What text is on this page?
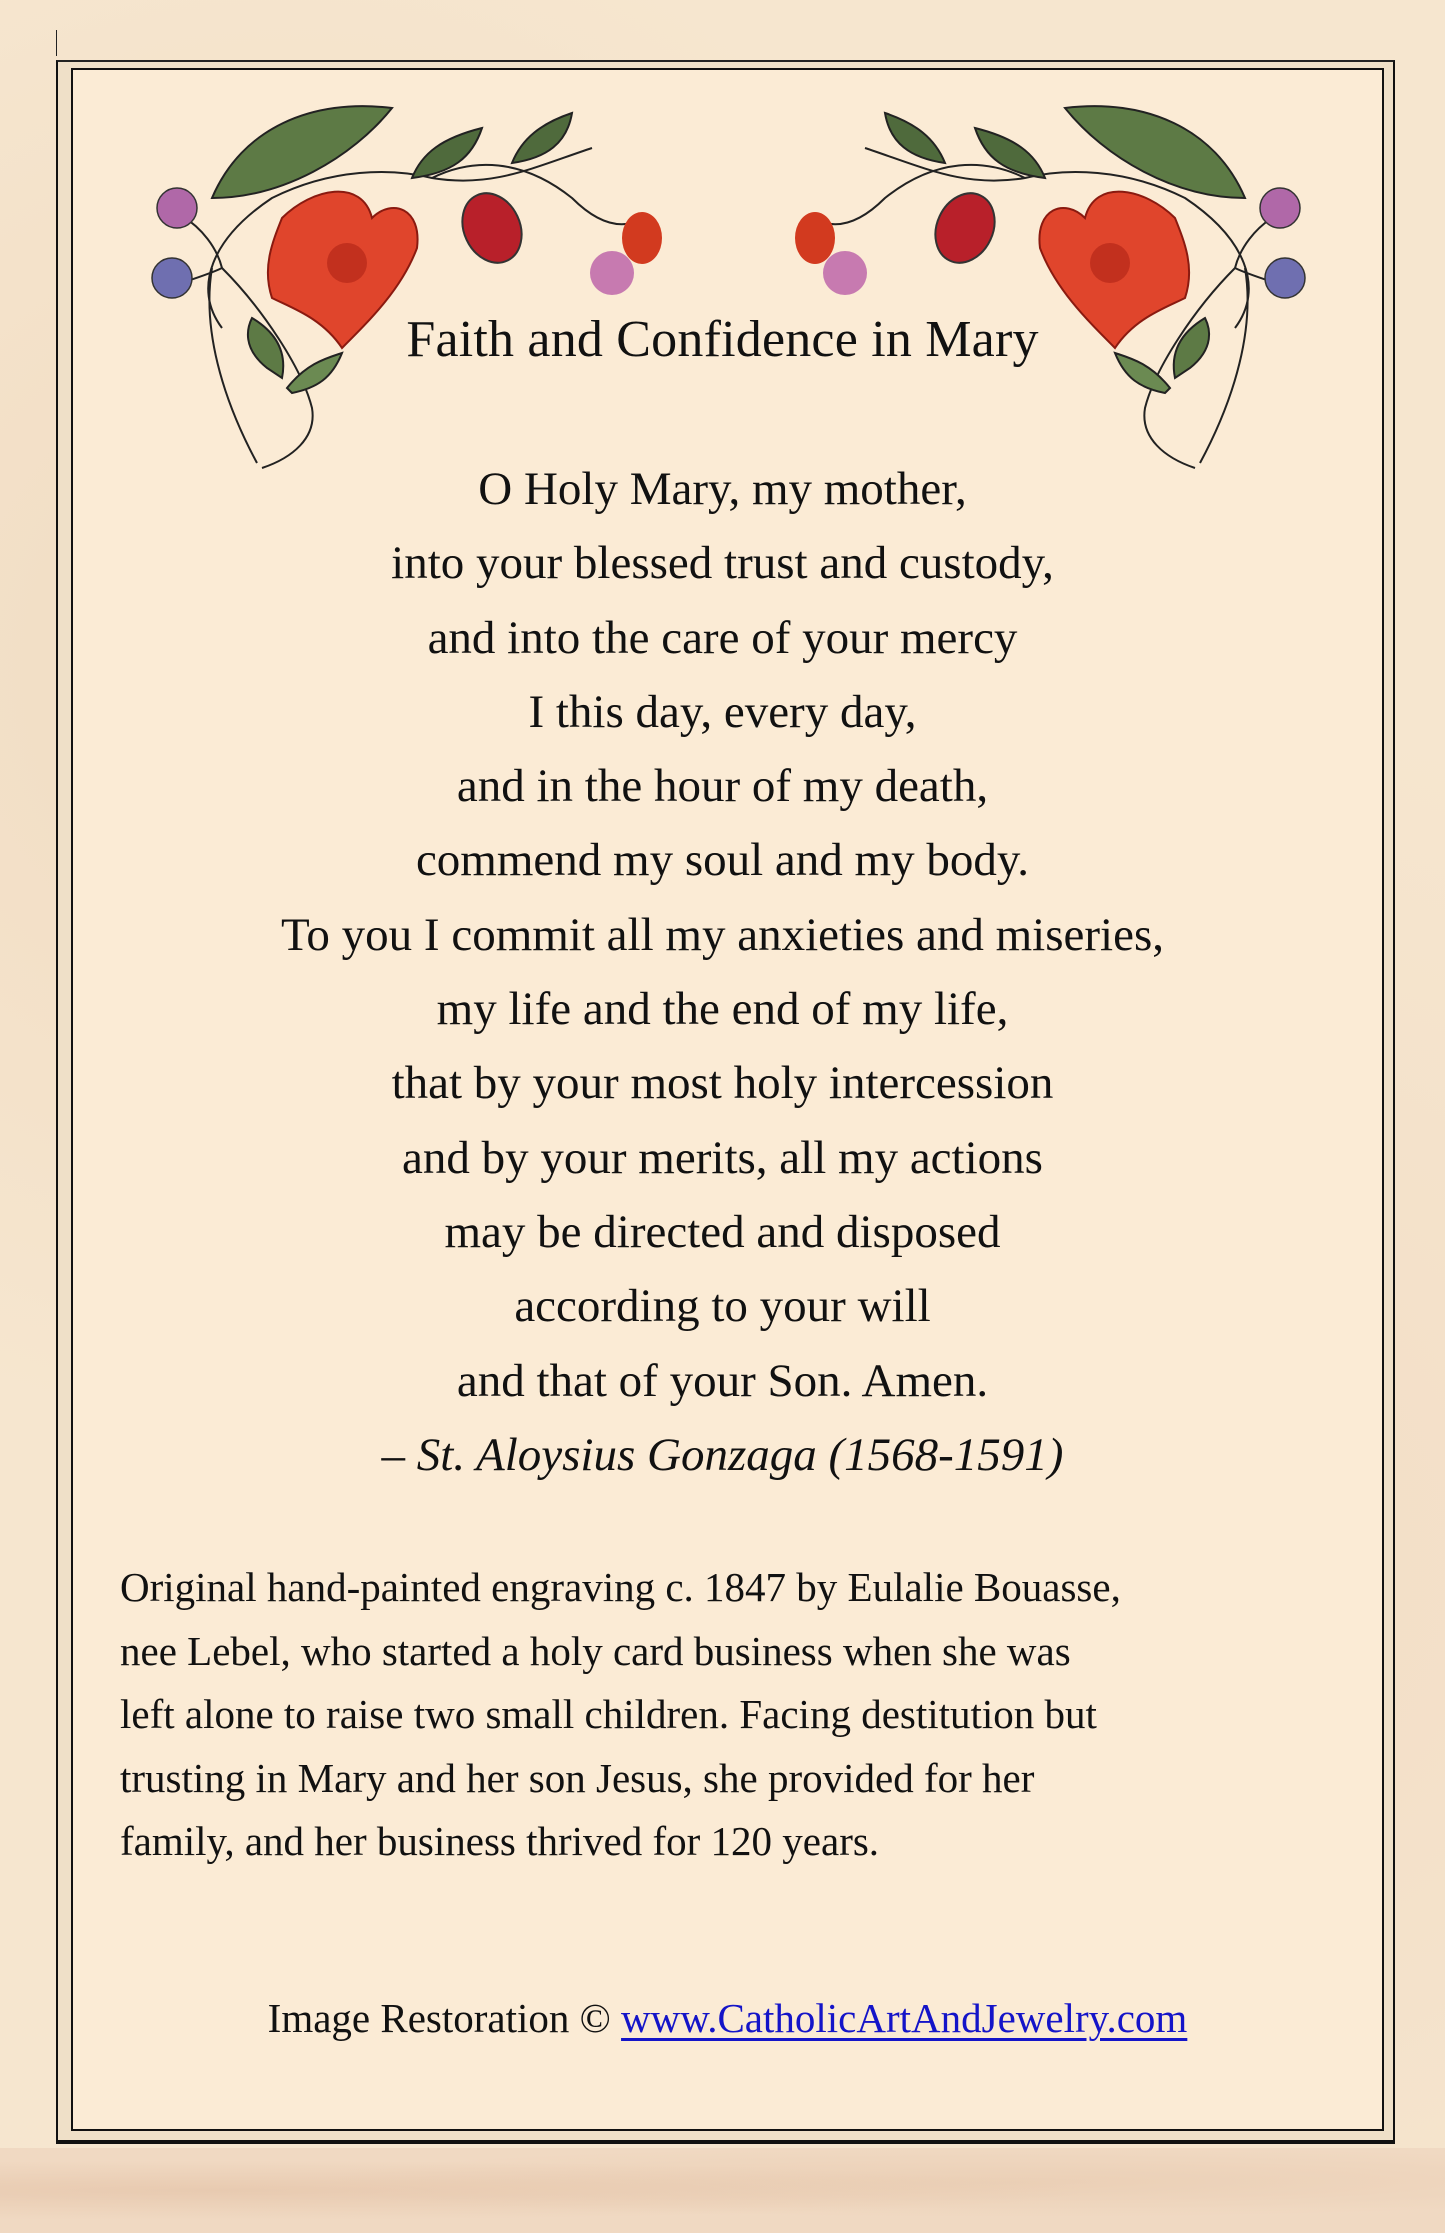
Faith and Confidence in Mary
O Holy Mary, my mother,
into your blessed trust and custody,
and into the care of your mercy
I this day, every day,
and in the hour of my death,
commend my soul and my body.
To you I commit all my anxieties and miseries,
my life and the end of my life,
that by your most holy intercession
and by your merits, all my actions
may be directed and disposed
according to your will
and that of your Son. Amen.
– St. Aloysius Gonzaga (1568-1591)
Original hand-painted engraving c. 1847 by Eulalie Bouasse,
nee Lebel, who started a holy card business when she was
left alone to raise two small children. Facing destitution but
trusting in Mary and her son Jesus, she provided for her
family, and her business thrived for 120 years.
Image Restoration © www.CatholicArtAndJewelry.com
